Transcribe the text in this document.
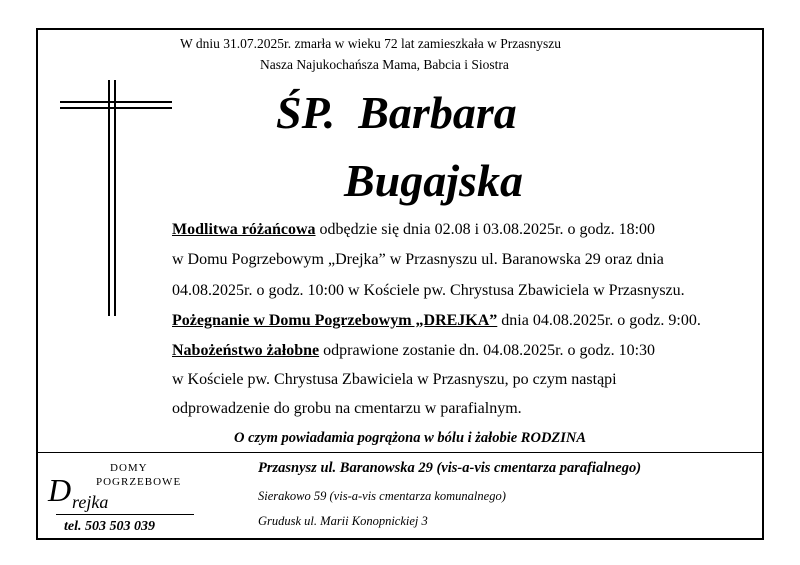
W dniu 31.07.2025r. zmarła w wieku 72 lat zamieszkała w Przasnyszu
Nasza Najukochańsza Mama, Babcia i Siostra
ŚP.  Barbara
Bugajska
Modlitwa różańcowa odbędzie się dnia 02.08 i 03.08.2025r. o godz. 18:00
w Domu Pogrzebowym „Drejka” w Przasnyszu ul. Baranowska 29 oraz dnia
04.08.2025r. o godz. 10:00 w Kościele pw. Chrystusa Zbawiciela w Przasnyszu.
Pożegnanie w Domu Pogrzebowym „DREJKA” dnia 04.08.2025r. o godz. 9:00.
Nabożeństwo żałobne odprawione zostanie dn. 04.08.2025r. o godz. 10:30
w Kościele pw. Chrystusa Zbawiciela w Przasnyszu, po czym nastąpi
odprowadzenie do grobu na cmentarzu w parafialnym.
O czym powiadamia pogrążona w bólu i żałobie RODZINA
DOMY
POGRZEBOWE
D rejka
tel. 503 503 039
Przasnysz ul. Baranowska 29 (vis-a-vis cmentarza parafialnego)
Sierakowo 59 (vis-a-vis cmentarza komunalnego)
Grudusk ul. Marii Konopnickiej 3
